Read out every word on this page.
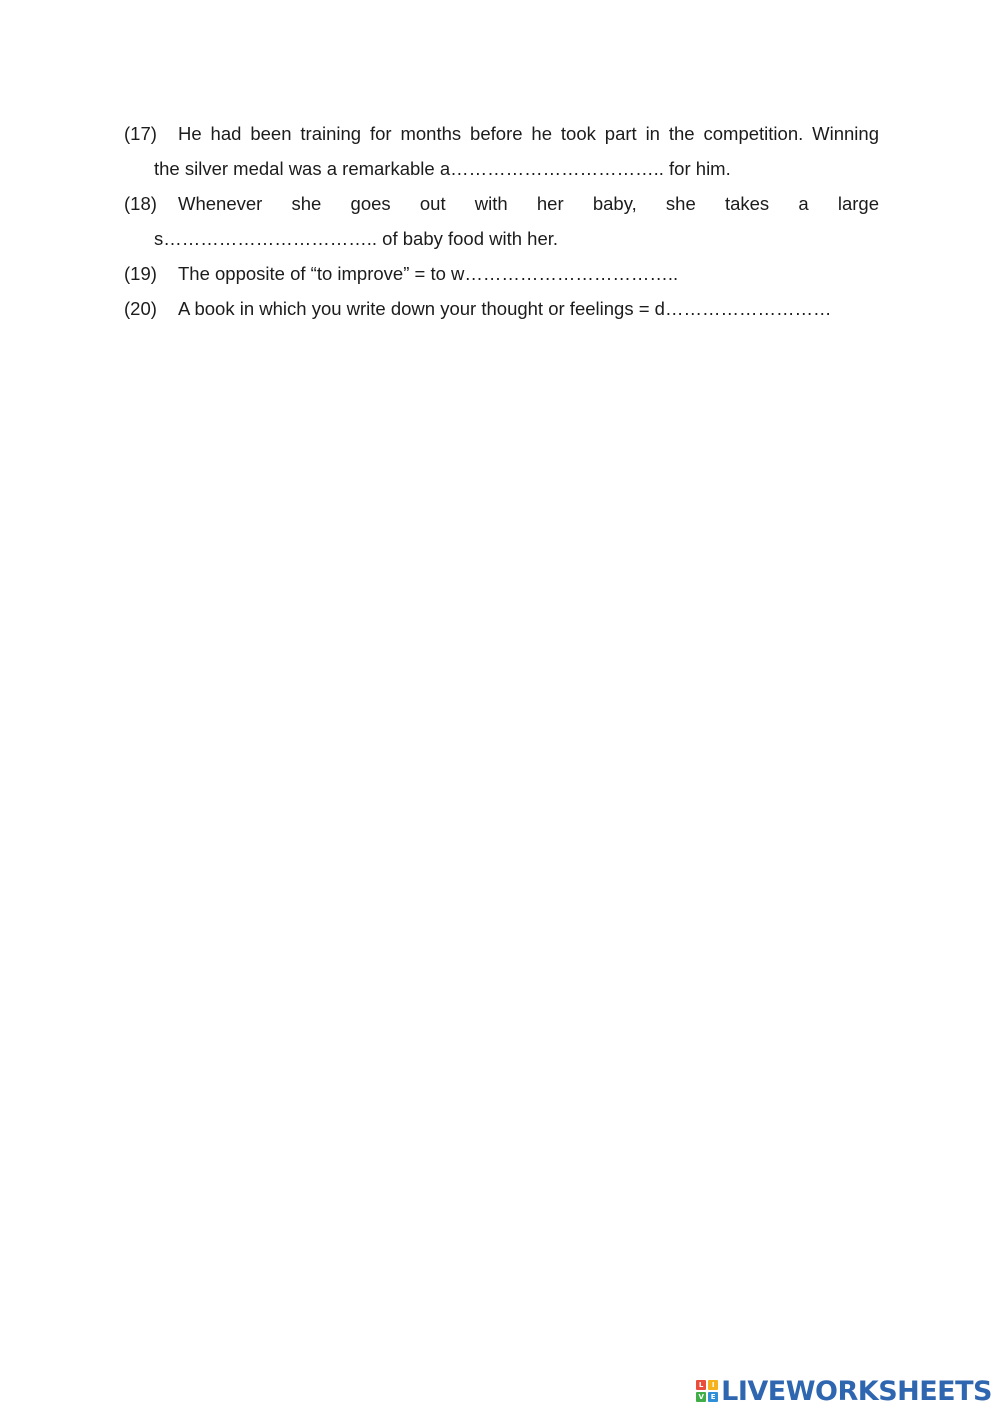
(17) He had been training for months before he took part in the competition. Winning
the silver medal was a remarkable a…………………………….. for him.
(18) Whenever she goes out with her baby, she takes a large
s…………………………….. of baby food with her.
(19) The opposite of “to improve” = to w……………………………..
(20) A book in which you write down your thought or feelings = d………………………
L	I
V E LIVEWORKSHEETS
